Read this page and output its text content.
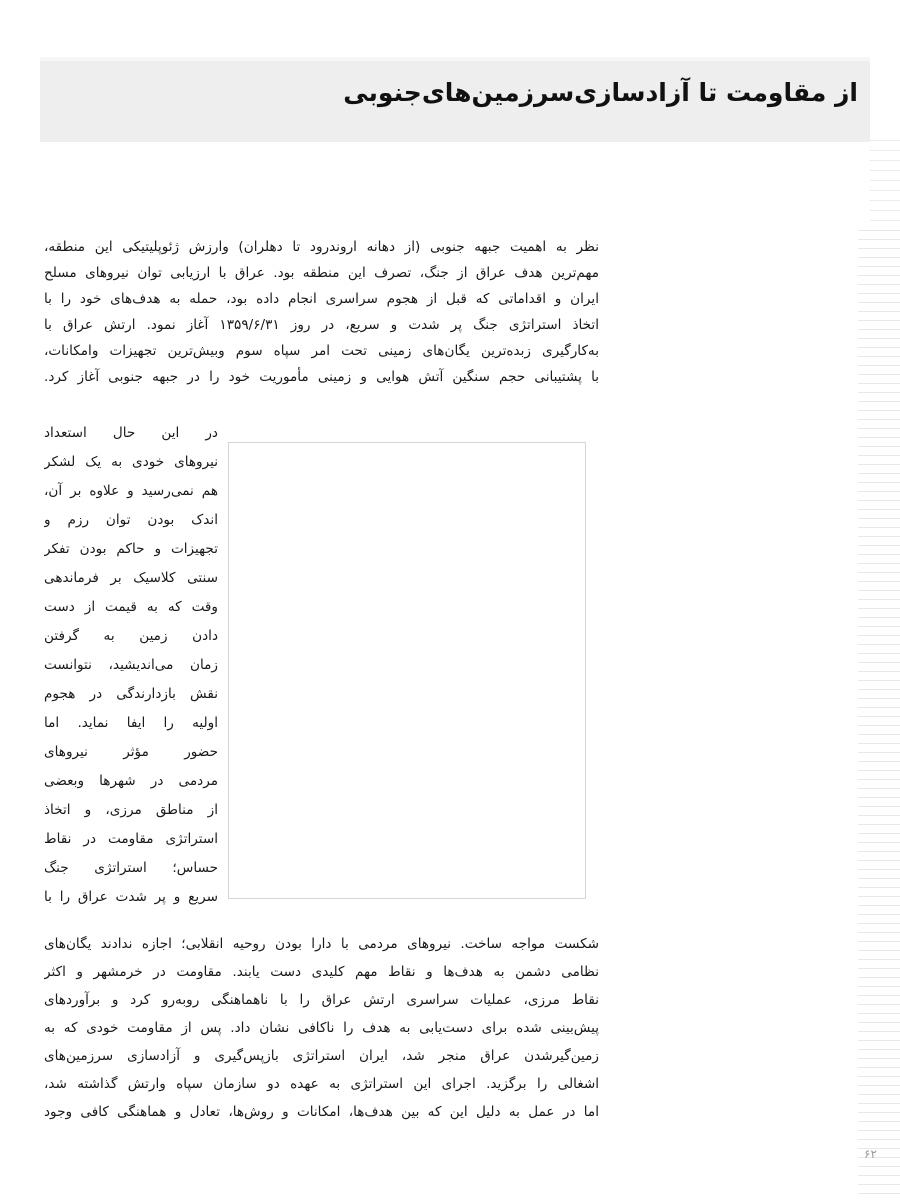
از مقاومت تا آزادسازی‌سرزمین‌های‌جنوبی

نظر به اهمیت جبهه جنوبی (از دهانه اروندرود تا دهلران) وارزش ژئوپلیتیکی این منطقه،

مهم‌ترین هدف عراق از جنگ، تصرف این منطقه بود. عراق با ارزیابی توان نیروهای مسلح

ایران و اقداماتی که قبل از هجوم سراسری انجام داده بود، حمله به هدف‌های خود را با

اتخاذ استراتژی جنگ پر شدت و سریع، در روز ۱۳۵۹/۶/۳۱ آغاز نمود. ارتش عراق با

به‌کارگیری زبده‌ترین یگان‌های زمینی تحت امر سپاه سوم وبیش‌ترین تجهیزات وامکانات،

با پشتیبانی حجم سنگین آتش هوایی و زمینی مأموریت خود را در جبهه جنوبی آغاز کرد.

در این حال استعداد

نیروهای خودی به یک لشکر

هم نمی‌رسید و علاوه بر آن،

اندک بودن توان رزم و

تجهیزات و حاکم بودن تفکر

سنتی کلاسیک بر فرماندهی

وقت که به قیمت از دست

دادن زمین به گرفتن

زمان می‌اندیشید، نتوانست

نقش بازدارندگی در هجوم

اولیه را ایفا نماید. اما

حضور مؤثر نیروهای

مردمی در شهرها وبعضی

از مناطق مرزی، و اتخاذ

استراتژی مقاومت در نقاط

حساس؛ استراتژی جنگ

سریع و پر شدت عراق را با

شکست مواجه ساخت. نیروهای مردمی با دارا بودن روحیه انقلابی؛ اجازه ندادند یگان‌های

نظامی دشمن به هدف‌ها و نقاط مهم کلیدی دست یابند. مقاومت در خرمشهر و اکثر

نقاط مرزی، عملیات سراسری ارتش عراق را با ناهماهنگی روبه‌رو کرد و برآوردهای

پیش‌بینی شده برای دست‌یابی به هدف را ناکافی نشان داد. پس از مقاومت خودی که به

زمین‌گیرشدن عراق منجر شد، ایران استراتژی بازپس‌گیری و آزادسازی سرزمین‌های

اشغالی را برگزید. اجرای این استراتژی به عهده دو سازمان سپاه وارتش گذاشته شد،

اما در عمل به دلیل این که بین هدف‌ها، امکانات و روش‌ها، تعادل و هماهنگی کافی وجود

۶۲
